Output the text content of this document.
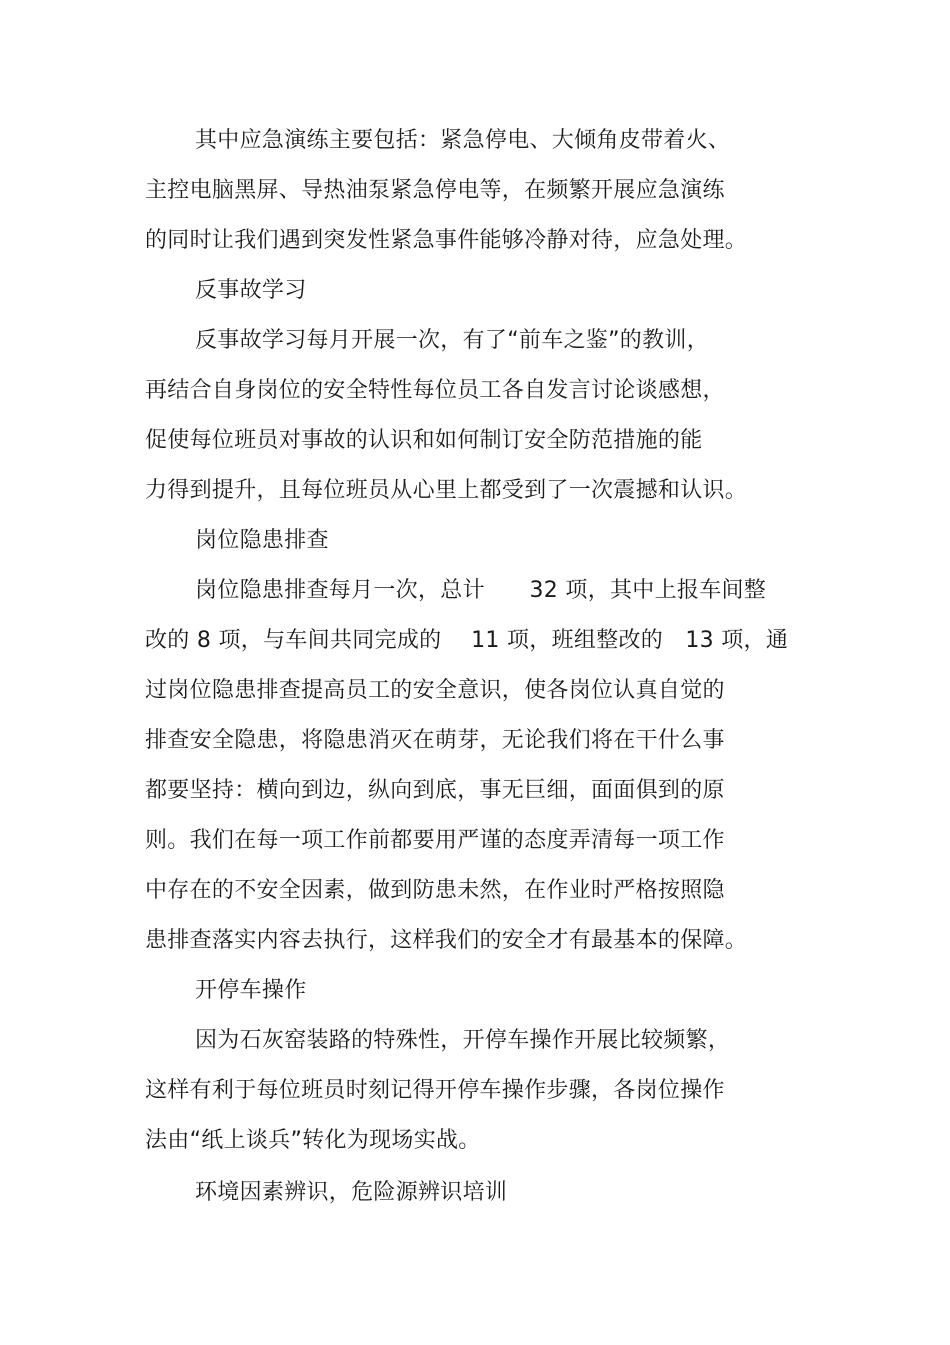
其中应急演练主要包括：紧急停电、大倾角皮带着火、
主控电脑黑屏、导热油泵紧急停电等，在频繁开展应急演练
的同时让我们遇到突发性紧急事件能够冷静对待，应急处理。
反事故学习
反事故学习每月开展一次，有了“前车之鉴”的教训，
再结合自身岗位的安全特性每位员工各自发言讨论谈感想，
促使每位班员对事故的认识和如何制订安全防范措施的能
力得到提升，且每位班员从心里上都受到了一次震撼和认识。
岗位隐患排查
岗位隐患排查每月一次，总计　　32 项，其中上报车间整
改的 8 项，与车间共同完成的　 11 项，班组整改的　13 项，通
过岗位隐患排查提高员工的安全意识，使各岗位认真自觉的
排查安全隐患，将隐患消灭在萌芽，无论我们将在干什么事
都要坚持：横向到边，纵向到底，事无巨细，面面俱到的原
则。我们在每一项工作前都要用严谨的态度弄清每一项工作
中存在的不安全因素，做到防患未然，在作业时严格按照隐
患排查落实内容去执行，这样我们的安全才有最基本的保障。
开停车操作
因为石灰窑装路的特殊性，开停车操作开展比较频繁，
这样有利于每位班员时刻记得开停车操作步骤，各岗位操作
法由“纸上谈兵”转化为现场实战。
环境因素辨识，危险源辨识培训
